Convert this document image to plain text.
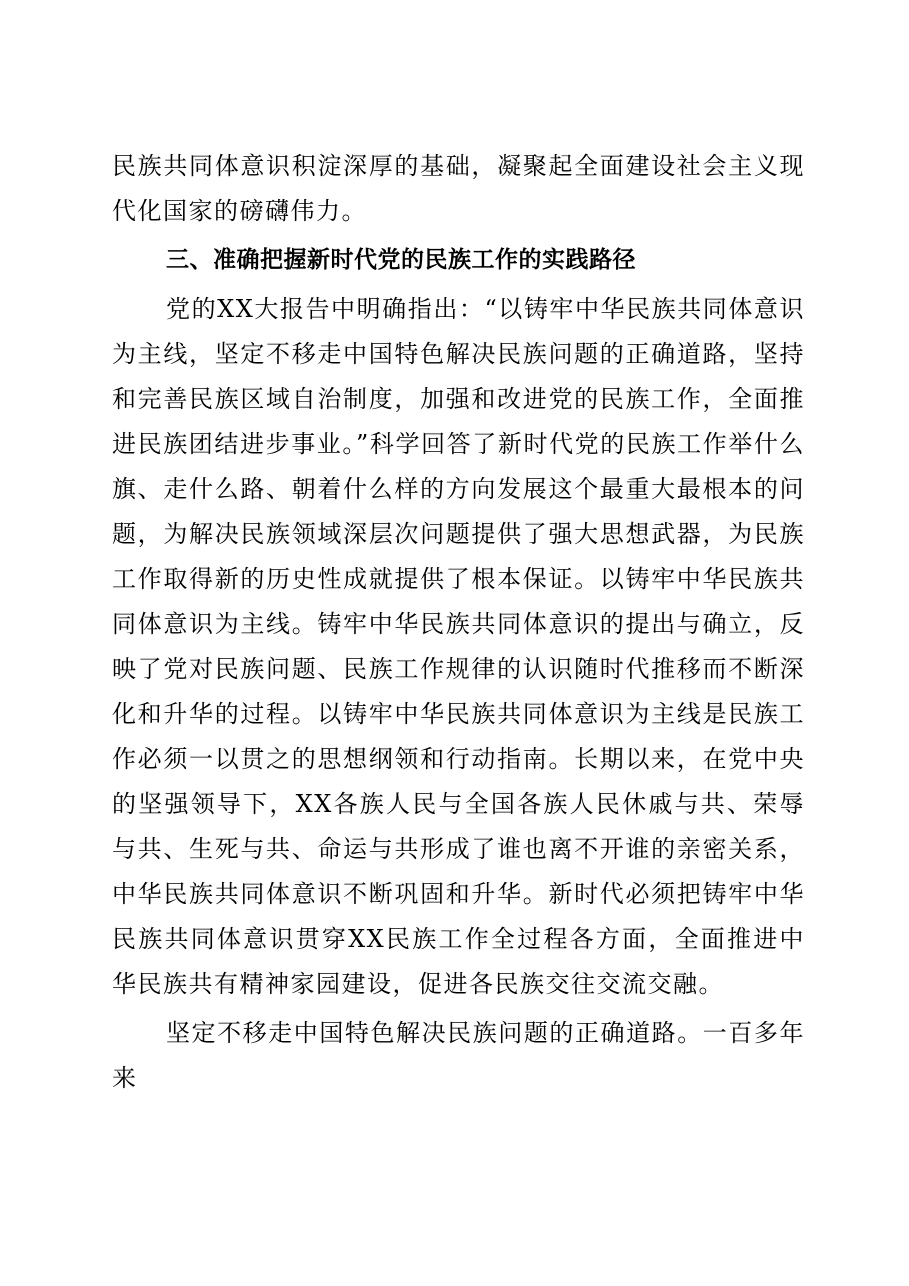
民族共同体意识积淀深厚的基础，凝聚起全面建设社会主义现代化国家的磅礴伟力。

三、准确把握新时代党的民族工作的实践路径

党的XX大报告中明确指出：“以铸牢中华民族共同体意识为主线，坚定不移走中国特色解决民族问题的正确道路，坚持和完善民族区域自治制度，加强和改进党的民族工作，全面推进民族团结进步事业。”科学回答了新时代党的民族工作举什么旗、走什么路、朝着什么样的方向发展这个最重大最根本的问题，为解决民族领域深层次问题提供了强大思想武器，为民族工作取得新的历史性成就提供了根本保证。以铸牢中华民族共同体意识为主线。铸牢中华民族共同体意识的提出与确立，反映了党对民族问题、民族工作规律的认识随时代推移而不断深化和升华的过程。以铸牢中华民族共同体意识为主线是民族工作必须一以贯之的思想纲领和行动指南。长期以来，在党中央的坚强领导下，XX各族人民与全国各族人民休戚与共、荣辱与共、生死与共、命运与共形成了谁也离不开谁的亲密关系，中华民族共同体意识不断巩固和升华。新时代必须把铸牢中华民族共同体意识贯穿XX民族工作全过程各方面，全面推进中华民族共有精神家园建设，促进各民族交往交流交融。

坚定不移走中国特色解决民族问题的正确道路。一百多年来
